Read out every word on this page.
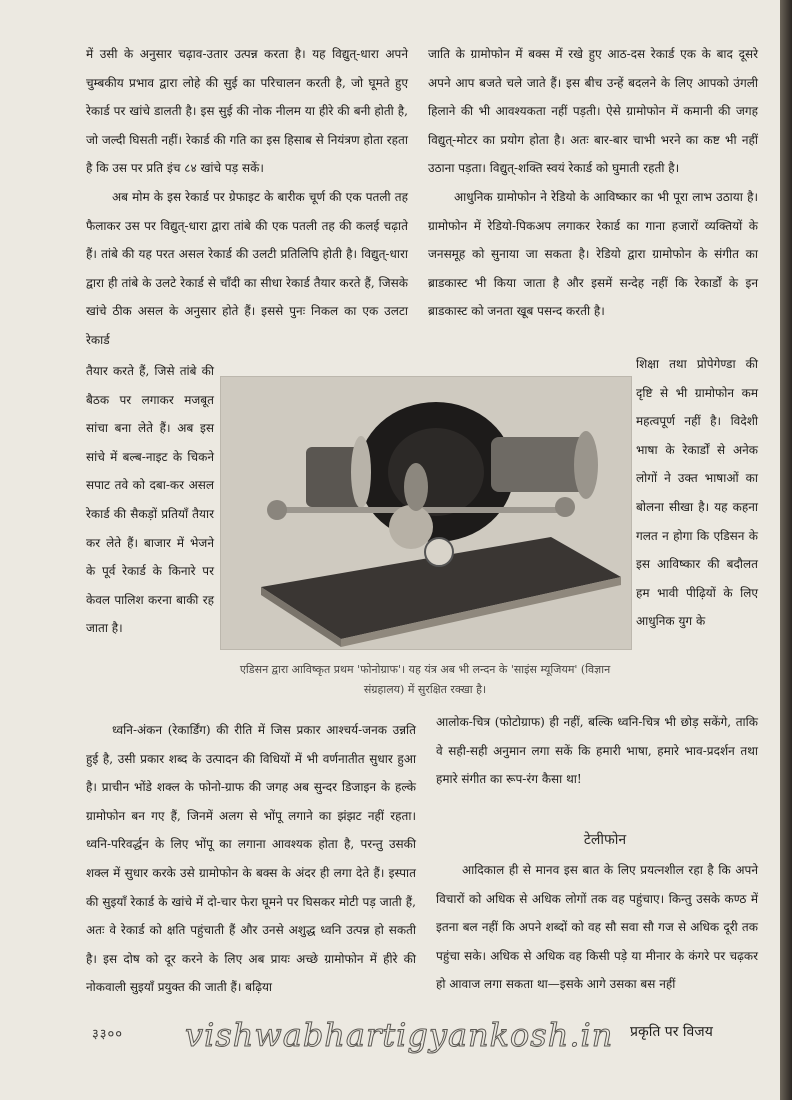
में उसी के अनुसार चढ़ाव-उतार उत्पन्न करता है। यह विद्युत्-धारा अपने चुम्बकीय प्रभाव द्वारा लोहे की सुई का परिचालन करती है, जो घूमते हुए रेकार्ड पर खांचे डालती है। इस सुई की नोक नीलम या हीरे की बनी होती है, जो जल्दी घिसती नहीं। रेकार्ड की गति का इस हिसाब से नियंत्रण होता रहता है कि उस पर प्रति इंच ८४ खांचे पड़ सकें।

अब मोम के इस रेकार्ड पर ग्रेफाइट के बारीक चूर्ण की एक पतली तह फैलाकर उस पर विद्युत्-धारा द्वारा तांबे की एक पतली तह की कलई चढ़ाते हैं। तांबे की यह परत असल रेकार्ड की उलटी प्रतिलिपि होती है। विद्युत्-धारा द्वारा ही तांबे के उलटे रेकार्ड से चाँदी का सीधा रेकार्ड तैयार करते हैं, जिसके खांचे ठीक असल के अनुसार होते हैं। इससे पुनः निकल का एक उलटा रेकार्ड

जाति के ग्रामोफोन में बक्स में रखे हुए आठ-दस रेकार्ड एक के बाद दूसरे अपने आप बजते चले जाते हैं। इस बीच उन्हें बदलने के लिए आपको उंगली हिलाने की भी आवश्यकता नहीं पड़ती। ऐसे ग्रामोफोन में कमानी की जगह विद्युत्-मोटर का प्रयोग होता है। अतः बार-बार चाभी भरने का कष्ट भी नहीं उठाना पड़ता। विद्युत्-शक्ति स्वयं रेकार्ड को घुमाती रहती है।

आधुनिक ग्रामोफोन ने रेडियो के आविष्कार का भी पूरा लाभ उठाया है। ग्रामोफोन में रेडियो-पिकअप लगाकर रेकार्ड का गाना हजारों व्यक्तियों के जनसमूह को सुनाया जा सकता है। रेडियो द्वारा ग्रामोफोन के संगीत का ब्राडकास्ट भी किया जाता है और इसमें सन्देह नहीं कि रेकार्डों के इन ब्राडकास्ट को जनता खूब पसन्द करती है।

तैयार करते हैं, जिसे तांबे की बैठक पर लगाकर मजबूत सांचा बना लेते हैं। अब इस सांचे में बल्ब-नाइट के चिकने सपाट तवे को दबा-कर असल रेकार्ड की सैकड़ों प्रतियाँ तैयार कर लेते हैं। बाजार में भेजने के पूर्व रेकार्ड के किनारे पर केवल पालिश करना बाकी रह जाता है।

एडिसन द्वारा आविष्कृत प्रथम 'फोनोग्राफ'। यह यंत्र अब भी लन्दन के 'साइंस म्यूजियम' (विज्ञान संग्रहालय) में सुरक्षित रक्खा है।

शिक्षा तथा प्रोपेगेण्डा की दृष्टि से भी ग्रामोफोन कम महत्वपूर्ण नहीं है। विदेशी भाषा के रेकार्डों से अनेक लोगों ने उक्त भाषाओं का बोलना सीखा है। यह कहना गलत न होगा कि एडिसन के इस आविष्कार की बदौलत हम भावी पीढ़ियों के लिए आधुनिक युग के

ध्वनि-अंकन (रेकार्डिंग) की रीति में जिस प्रकार आश्चर्य-जनक उन्नति हुई है, उसी प्रकार शब्द के उत्पादन की विधियों में भी वर्णनातीत सुधार हुआ है। प्राचीन भोंडे शक्ल के फोनो-ग्राफ की जगह अब सुन्दर डिजाइन के हल्के ग्रामोफोन बन गए हैं, जिनमें अलग से भोंपू लगाने का झंझट नहीं रहता। ध्वनि-परिवर्द्धन के लिए भोंपू का लगाना आवश्यक होता है, परन्तु उसकी शक्ल में सुधार करके उसे ग्रामोफोन के बक्स के अंदर ही लगा देते हैं। इस्पात की सुइयाँ रेकार्ड के खांचे में दो-चार फेरा घूमने पर घिसकर मोटी पड़ जाती हैं, अतः वे रेकार्ड को क्षति पहुंचाती हैं और उनसे अशुद्ध ध्वनि उत्पन्न हो सकती है। इस दोष को दूर करने के लिए अब प्रायः अच्छे ग्रामोफोन में हीरे की नोकवाली सुइयाँ प्रयुक्त की जाती हैं। बढ़िया

आलोक-चित्र (फोटोग्राफ) ही नहीं, बल्कि ध्वनि-चित्र भी छोड़ सकेंगे, ताकि वे सही-सही अनुमान लगा सकें कि हमारी भाषा, हमारे भाव-प्रदर्शन तथा हमारे संगीत का रूप-रंग कैसा था!

टेलीफोन

आदिकाल ही से मानव इस बात के लिए प्रयत्नशील रहा है कि अपने विचारों को अधिक से अधिक लोगों तक वह पहुंचाए। किन्तु उसके कण्ठ में इतना बल नहीं कि अपने शब्दों को वह सौ सवा सौ गज से अधिक दूरी तक पहुंचा सके। अधिक से अधिक वह किसी पड़े या मीनार के कंगरे पर चढ़कर हो आवाज लगा सकता था—इसके आगे उसका बस नहीं

३३०० vishwabhartigyankosh.in प्रकृति पर विजय
